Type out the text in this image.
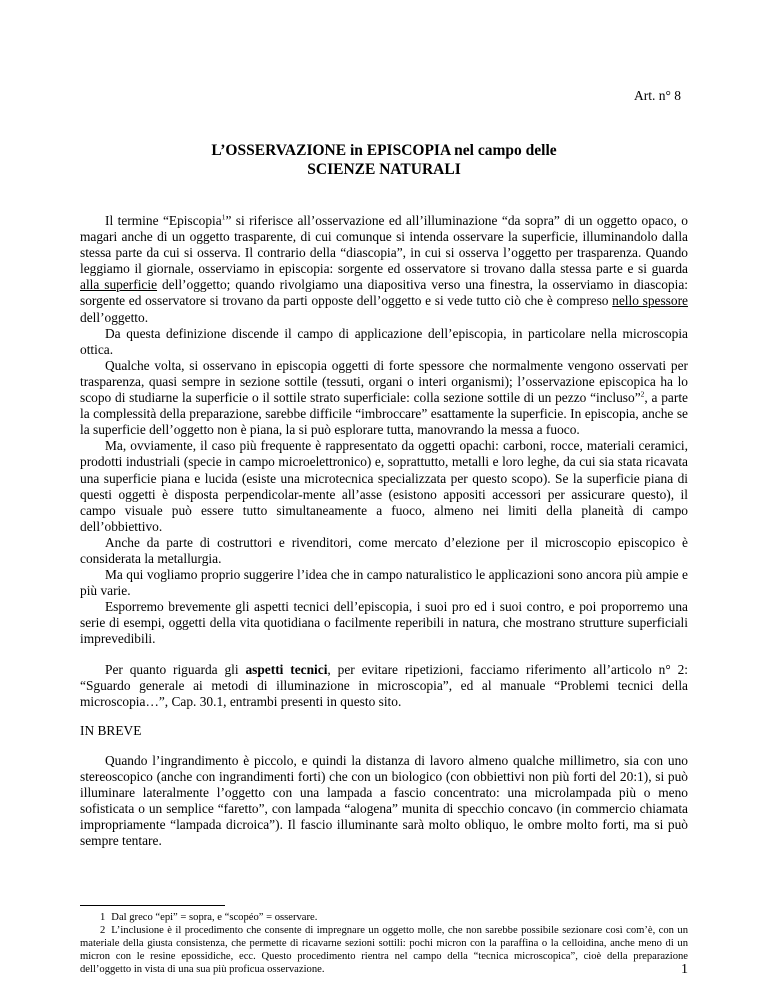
Art. n° 8
L’OSSERVAZIONE in EPISCOPIA nel campo delle
SCIENZE NATURALI

Il termine “Episcopia$^1$” si riferisce all’osservazione ed all’illuminazione “da sopra” di un oggetto opaco, o magari anche di un oggetto trasparente, di cui comunque si intenda osservare la superficie, illuminandolo dalla stessa parte da cui si osserva. Il contrario della “diascopia”, in cui si osserva l’oggetto per trasparenza. Quando leggiamo il giornale, osserviamo in episcopia: sorgente ed osservatore si trovano dalla stessa parte e si guarda alla superficie dell’oggetto; quando rivolgiamo una diapositiva verso una finestra, la osserviamo in diascopia: sorgente ed osservatore si trovano da parti opposte dell’oggetto e si vede tutto ciò che è compreso nello spessore dell’oggetto.

Da questa definizione discende il campo di applicazione dell’episcopia, in particolare nella microscopia ottica.

Qualche volta, si osservano in episcopia oggetti di forte spessore che normalmente vengono osservati per trasparenza, quasi sempre in sezione sottile (tessuti, organi o interi organismi); l’osservazione episcopica ha lo scopo di studiarne la superficie o il sottile strato superficiale: colla sezione sottile di un pezzo “incluso”$^2$, a parte la complessità della preparazione, sarebbe difficile “imbroccare” esattamente la superficie. In episcopia, anche se la superficie dell’oggetto non è piana, la si può esplorare tutta, manovrando la messa a fuoco.

Ma, ovviamente, il caso più frequente è rappresentato da oggetti opachi: carboni, rocce, materiali ceramici, prodotti industriali (specie in campo microelettronico) e, soprattutto, metalli e loro leghe, da cui sia stata ricavata una superficie piana e lucida (esiste una microtecnica specializzata per questo scopo). Se la superficie piana di questi oggetti è disposta perpendicolar-mente all’asse (esistono appositi accessori per assicurare questo), il campo visuale può essere tutto simultaneamente a fuoco, almeno nei limiti della planeità di campo dell’obbiettivo.

Anche da parte di costruttori e rivenditori, come mercato d’elezione per il microscopio episcopico è considerata la metallurgia.

Ma qui vogliamo proprio suggerire l’idea che in campo naturalistico le applicazioni sono ancora più ampie e più varie.

Esporremo brevemente gli aspetti tecnici dell’episcopia, i suoi pro ed i suoi contro, e poi proporremo una serie di esempi, oggetti della vita quotidiana o facilmente reperibili in natura, che mostrano strutture superficiali imprevedibili.

Per quanto riguarda gli aspetti tecnici, per evitare ripetizioni, facciamo riferimento all’articolo n° 2: “Sguardo generale ai metodi di illuminazione in microscopia”, ed al manuale “Problemi tecnici della microscopia…”, Cap. 30.1, entrambi presenti in questo sito.

IN BREVE

Quando l’ingrandimento è piccolo, e quindi la distanza di lavoro almeno qualche millimetro, sia con uno stereoscopico (anche con ingrandimenti forti) che con un biologico (con obbiettivi non più forti del 20:1), si può illuminare lateralmente l’oggetto con una lampada a fascio concentrato: una microlampada più o meno sofisticata o un semplice “faretto”, con lampada “alogena” munita di specchio concavo (in commercio chiamata impropriamente “lampada dicroica”). Il fascio illuminante sarà molto obliquo, le ombre molto forti, ma si può sempre tentare.

1 Dal greco “epi” = sopra, e “scopéo” = osservare.

2 L’inclusione è il procedimento che consente di impregnare un oggetto molle, che non sarebbe possibile sezionare così com’è, con un materiale della giusta consistenza, che permette di ricavarne sezioni sottili: pochi micron con la paraffina o la celloidina, anche meno di un micron con le resine epossidiche, ecc. Questo procedimento rientra nel campo della “tecnica microscopica”, cioè della preparazione dell’oggetto in vista di una sua più proficua osservazione.	1
